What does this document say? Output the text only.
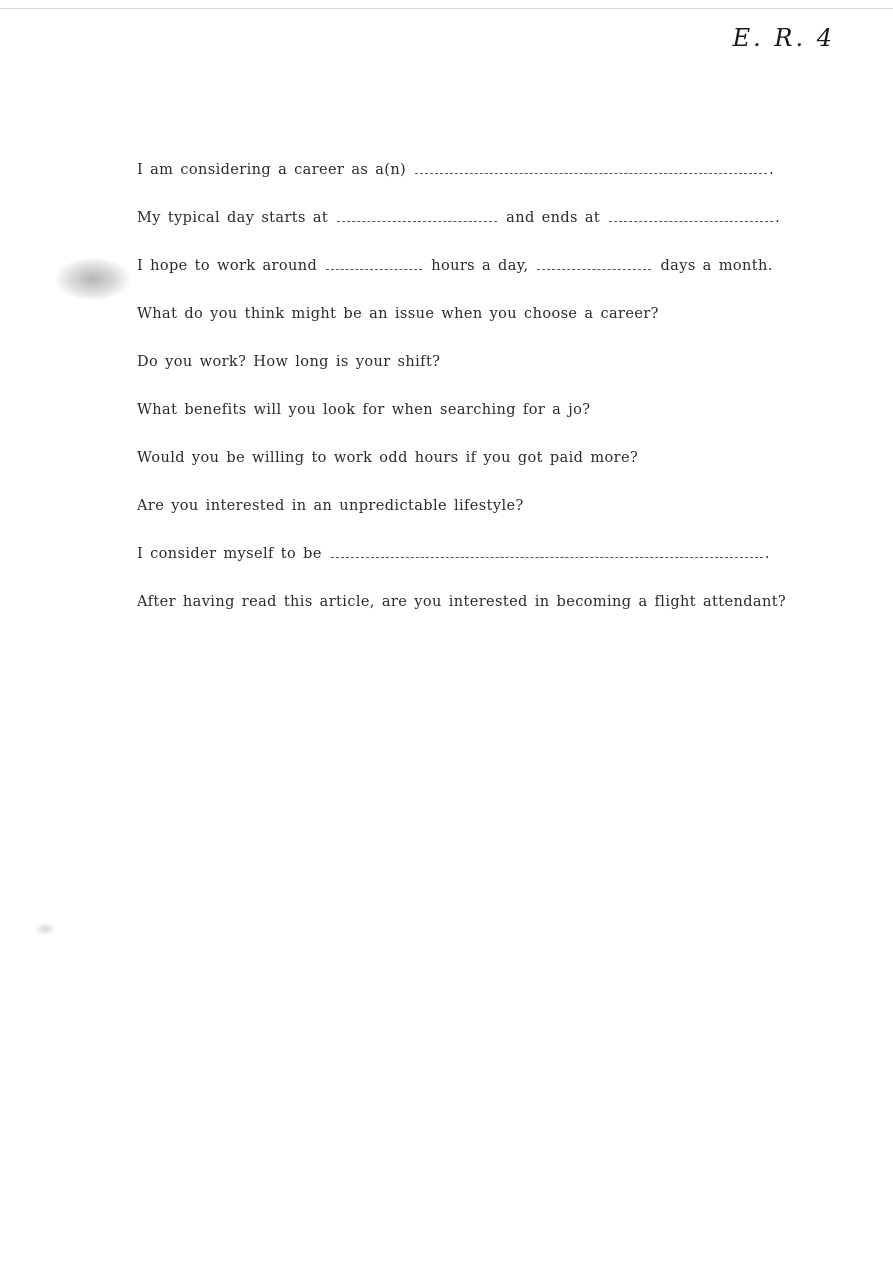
E. R. 4
I am considering a career as a(n)	.
My typical day starts at	and ends at	.
I hope to work around	hours a day,	days a month.
What do you think might be an issue when you choose a career?
Do you work? How long is your shift?
What benefits will you look for when searching for a jo?
Would you be willing to work odd hours if you got paid more?
Are you interested in an unpredictable lifestyle?
I consider myself to be	.
After having read this article, are you interested in becoming a flight attendant?
